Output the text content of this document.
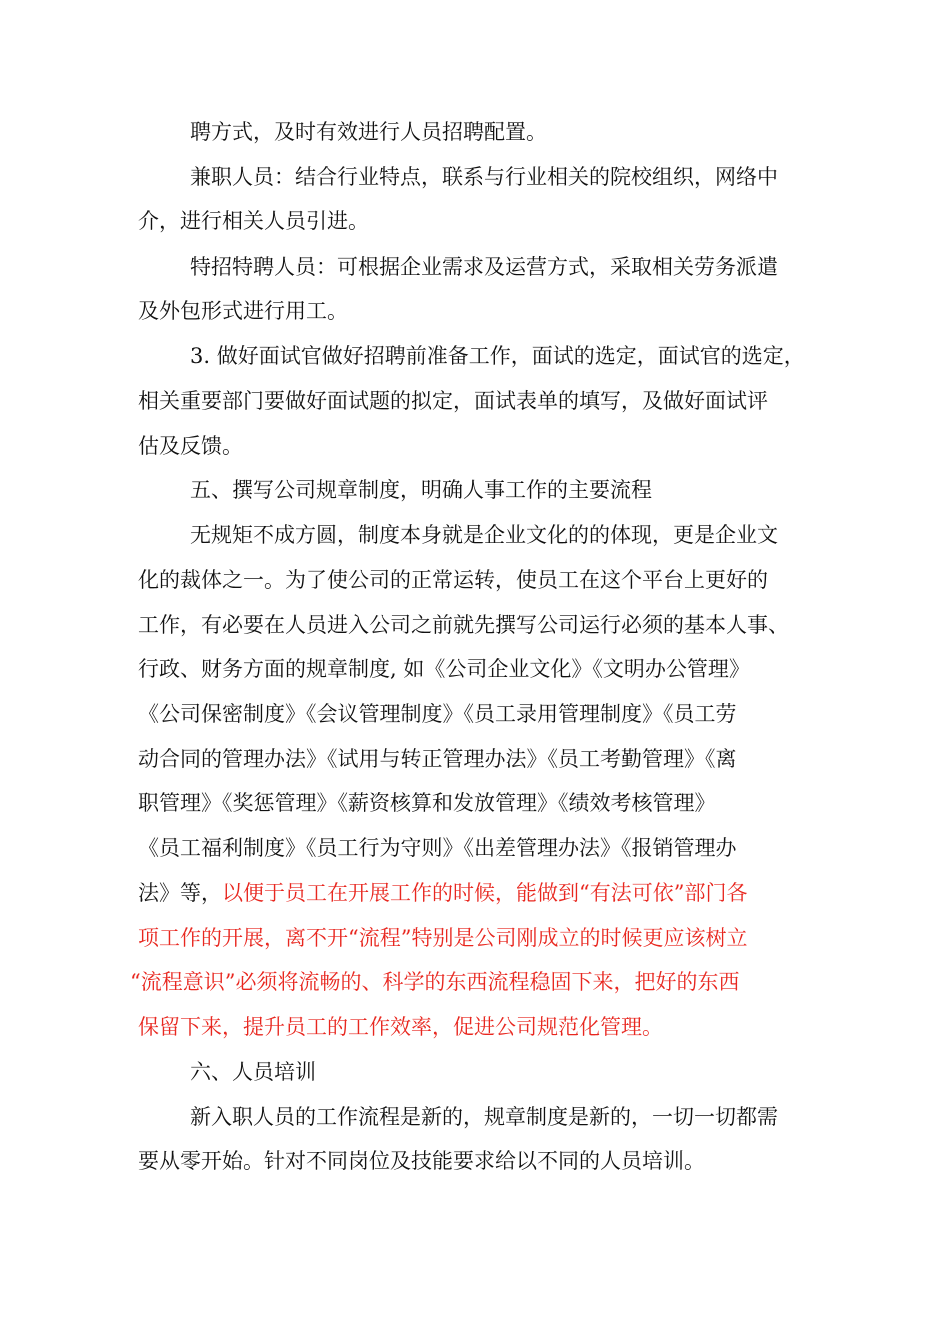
聘方式，及时有效进行人员招聘配置。
兼职人员：结合行业特点，联系与行业相关的院校组织，网络中
介，进行相关人员引进。
特招特聘人员：可根据企业需求及运营方式，采取相关劳务派遣
及外包形式进行用工。
3. 做好面试官做好招聘前准备工作，面试的选定，面试官的选定，
相关重要部门要做好面试题的拟定，面试表单的填写，及做好面试评
估及反馈。
五、撰写公司规章制度，明确人事工作的主要流程
无规矩不成方圆，制度本身就是企业文化的的体现，更是企业文
化的裁体之一。为了使公司的正常运转，使员工在这个平台上更好的
工作，有必要在人员进入公司之前就先撰写公司运行必须的基本人事、
行政、财务方面的规章制度, 如《公司企业文化》《文明办公管理》
《公司保密制度》《会议管理制度》《员工录用管理制度》《员工劳
动合同的管理办法》《试用与转正管理办法》《员工考勤管理》《离
职管理》《奖惩管理》《薪资核算和发放管理》《绩效考核管理》
《员工福利制度》《员工行为守则》《出差管理办法》《报销管理办
法》等，以便于员工在开展工作的时候，能做到“有法可依”部门各
项工作的开展，离不开“流程”特别是公司刚成立的时候更应该树立
“流程意识”必须将流畅的、科学的东西流程稳固下来，把好的东西
保留下来，提升员工的工作效率，促进公司规范化管理。
六、人员培训
新入职人员的工作流程是新的，规章制度是新的，一切一切都需
要从零开始。针对不同岗位及技能要求给以不同的人员培训。
